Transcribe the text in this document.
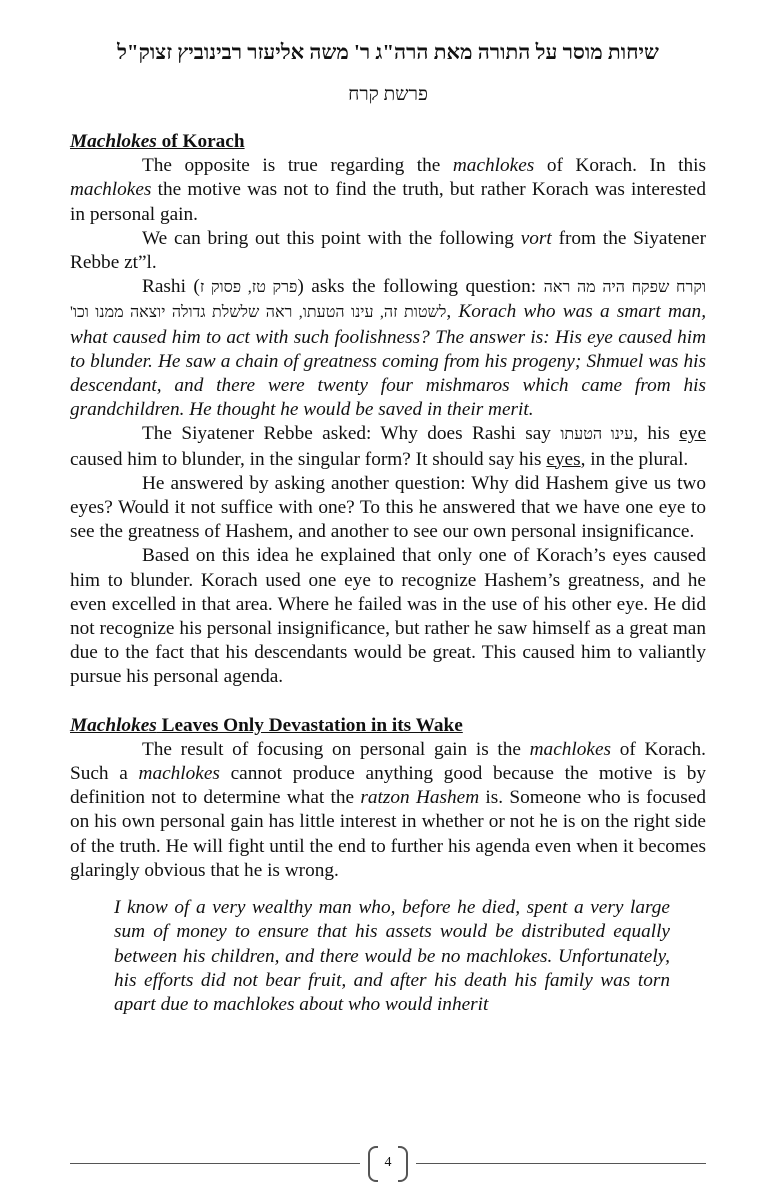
שיחות מוסר על התורה מאת הרה"ג ר' משה אליעזר רבינוביץ זצוק"ל
פרשת קרח

Machlokes of Korach

The opposite is true regarding the machlokes of Korach. In this machlokes the motive was not to find the truth, but rather Korach was interested in personal gain.

We can bring out this point with the following vort from the Siyatener Rebbe zt”l.

Rashi (פרק טז, פסוק ז) asks the following question: וקרח שפקח היה מה ראה לשטות זה, עינו הטעתו, ראה שלשלת גדולה יוצאה ממנו וכו', Korach who was a smart man, what caused him to act with such foolishness? The answer is: His eye caused him to blunder. He saw a chain of greatness coming from his progeny; Shmuel was his descendant, and there were twenty four mishmaros which came from his grandchildren. He thought he would be saved in their merit.

The Siyatener Rebbe asked: Why does Rashi say עינו הטעתו, his eye caused him to blunder, in the singular form? It should say his eyes, in the plural.

He answered by asking another question: Why did Hashem give us two eyes? Would it not suffice with one? To this he answered that we have one eye to see the greatness of Hashem, and another to see our own personal insignificance.

Based on this idea he explained that only one of Korach’s eyes caused him to blunder. Korach used one eye to recognize Hashem’s greatness, and he even excelled in that area. Where he failed was in the use of his other eye. He did not recognize his personal insignificance, but rather he saw himself as a great man due to the fact that his descendants would be great. This caused him to valiantly pursue his personal agenda.

Machlokes Leaves Only Devastation in its Wake

The result of focusing on personal gain is the machlokes of Korach. Such a machlokes cannot produce anything good because the motive is by definition not to determine what the ratzon Hashem is. Someone who is focused on his own personal gain has little interest in whether or not he is on the right side of the truth. He will fight until the end to further his agenda even when it becomes glaringly obvious that he is wrong.

I know of a very wealthy man who, before he died, spent a very large sum of money to ensure that his assets would be distributed equally between his children, and there would be no machlokes. Unfortunately, his efforts did not bear fruit, and after his death his family was torn apart due to machlokes about who would inherit

4
